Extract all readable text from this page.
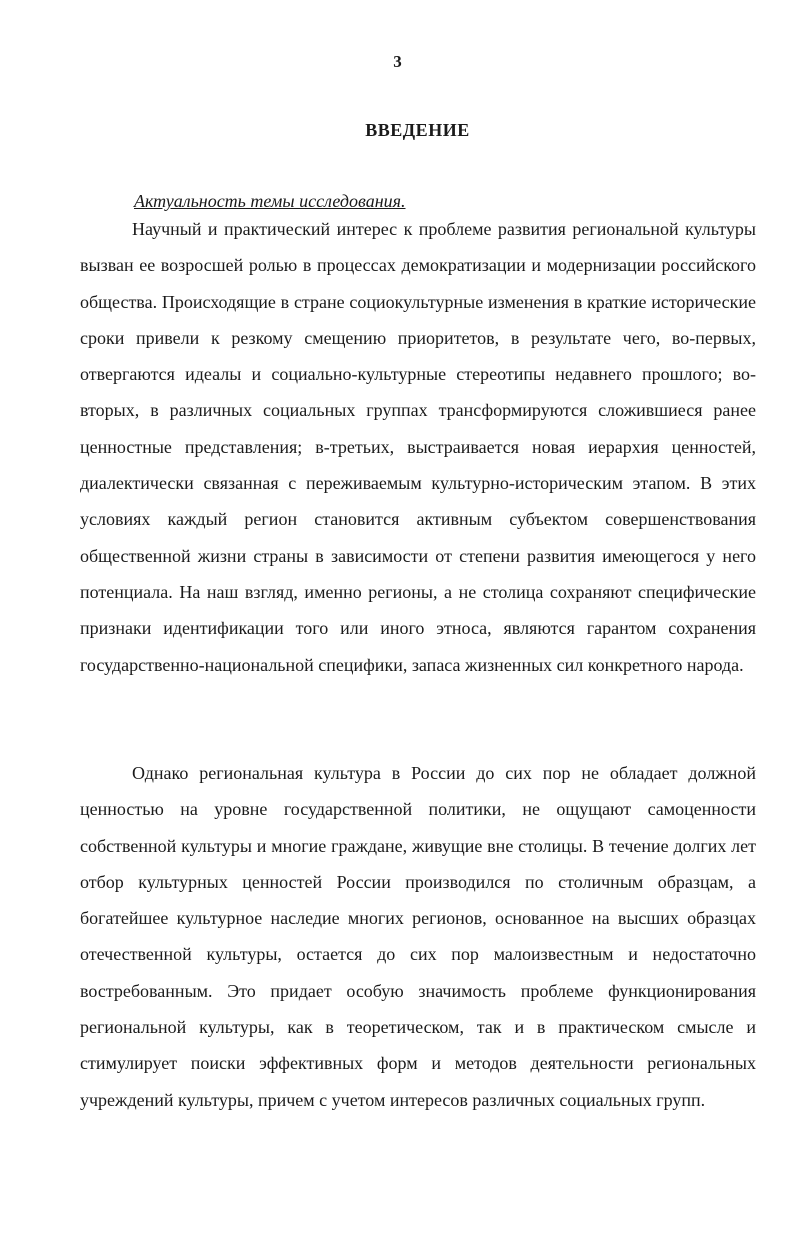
3
ВВЕДЕНИЕ
Актуальность темы исследования.

Научный и практический интерес к проблеме развития региональной культуры вызван ее возросшей ролью в процессах демократизации и модернизации российского общества. Происходящие в стране социокультурные изменения в краткие исторические сроки привели к резкому смещению приоритетов, в результате чего, во-первых, отвергаются идеалы и социально-культурные стереотипы недавнего прошлого; во-вторых, в различных социальных группах трансформируются сложившиеся ранее ценностные представления; в-третьих, выстраивается новая иерархия ценностей, диалектически связанная с переживаемым культурно-историческим этапом. В этих условиях каждый регион становится активным субъектом совершенствования общественной жизни страны в зависимости от степени развития имеющегося у него потенциала. На наш взгляд, именно регионы, а не столица сохраняют специфические признаки идентификации того или иного этноса, являются гарантом сохранения государственно-национальной специфики, запаса жизненных сил конкретного народа.

Однако региональная культура в России до сих пор не обладает должной ценностью на уровне государственной политики, не ощущают самоценности собственной культуры и многие граждане, живущие вне столицы. В течение долгих лет отбор культурных ценностей России производился по столичным образцам, а богатейшее культурное наследие многих регионов, основанное на высших образцах отечественной культуры, остается до сих пор малоизвестным и недостаточно востребованным. Это придает особую значимость проблеме функционирования региональной культуры, как в теоретическом, так и в практическом смысле и стимулирует поиски эффективных форм и методов деятельности региональных учреждений культуры, причем с учетом интересов различных социальных групп.
